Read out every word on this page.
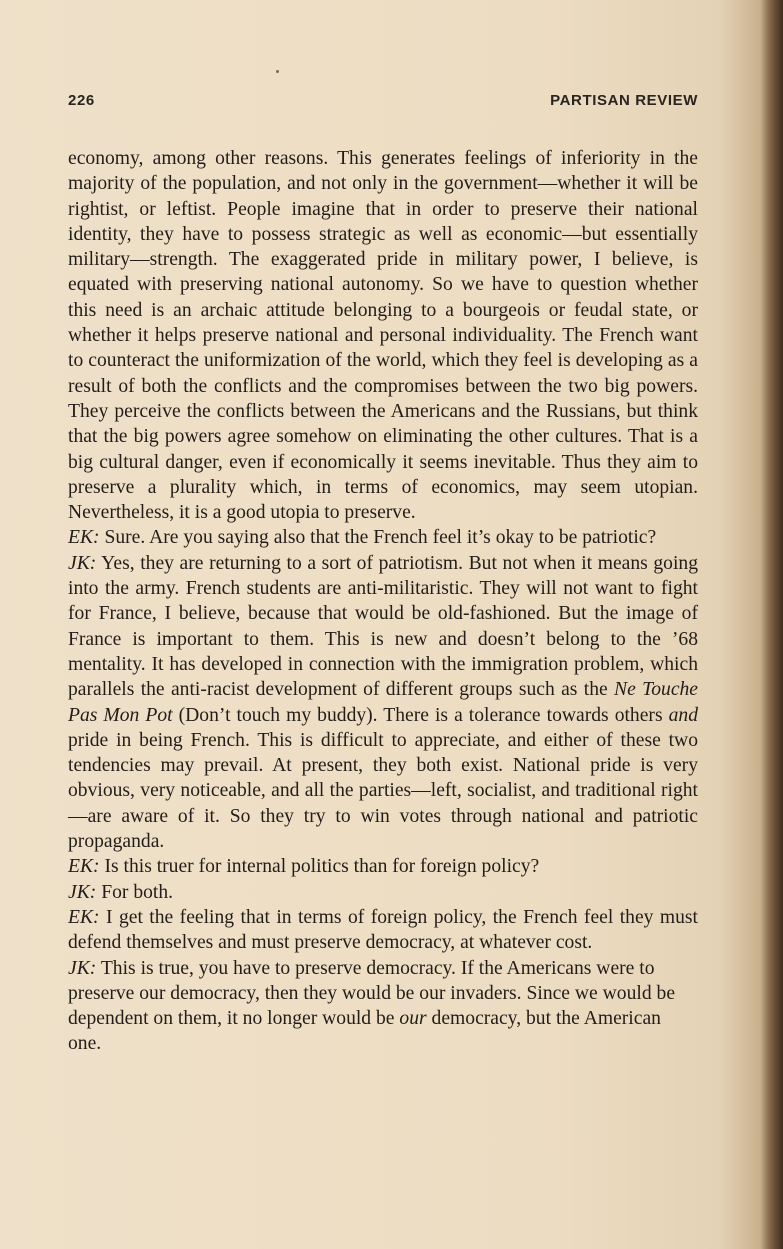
226	PARTISAN REVIEW

economy, among other reasons. This generates feelings of inferiority in the majority of the population, and not only in the government—whether it will be rightist, or leftist. People imagine that in order to preserve their national identity, they have to possess strategic as well as economic—but essentially military—strength. The exaggerated pride in military power, I believe, is equated with preserving national autonomy. So we have to question whether this need is an archaic attitude belonging to a bourgeois or feudal state, or whether it helps preserve national and personal individuality. The French want to counteract the uniformization of the world, which they feel is developing as a result of both the conflicts and the compromises between the two big powers. They perceive the conflicts between the Americans and the Russians, but think that the big powers agree somehow on eliminating the other cultures. That is a big cultural danger, even if economically it seems inevitable. Thus they aim to preserve a plurality which, in terms of economics, may seem utopian. Nevertheless, it is a good utopia to preserve.

EK: Sure. Are you saying also that the French feel it’s okay to be patriotic?

JK: Yes, they are returning to a sort of patriotism. But not when it means going into the army. French students are anti-militaristic. They will not want to fight for France, I believe, because that would be old-fashioned. But the image of France is important to them. This is new and doesn’t belong to the ’68 mentality. It has developed in connection with the immigration problem, which parallels the anti-racist development of different groups such as the Ne Touche Pas Mon Pot (Don’t touch my buddy). There is a tolerance towards others and pride in being French. This is difficult to appreciate, and either of these two tendencies may prevail. At present, they both exist. National pride is very obvious, very noticeable, and all the parties—left, socialist, and traditional right—are aware of it. So they try to win votes through national and patriotic propaganda.

EK: Is this truer for internal politics than for foreign policy?

JK: For both.

EK: I get the feeling that in terms of foreign policy, the French feel they must defend themselves and must preserve democracy, at whatever cost.

JK: This is true, you have to preserve democracy. If the Americans were to preserve our democracy, then they would be our invaders. Since we would be dependent on them, it no longer would be our democracy, but the American one.
